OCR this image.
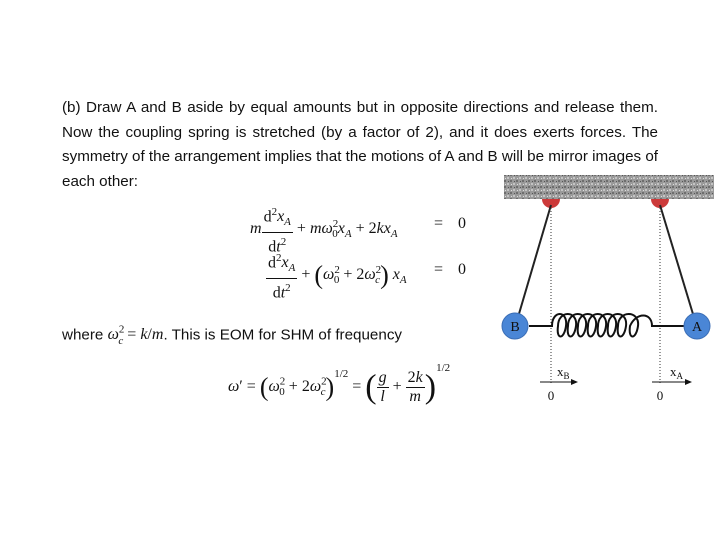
(b) Draw A and B aside by equal amounts but in opposite directions and release them. Now the coupling spring is stretched (by a factor of 2), and it does exerts forces. The symmetry of the arrangement implies that the motions of A and B will be mirror images of each other:
m $\frac{d^2x_A}{dt^2} + m\omega^2_0x_A + 2kx_A$
= 0
$\frac{d^2x_A}{dt^2} + (\omega^2_0 + 2\omega^2_c)$ $x_A$
= 0
where $\omega^2_c = k/m$. This is EOM for SHM of frequency
$\omega' = (\omega^2_0 + 2\omega^2_c)^{1/2}$ = ( $\frac{g}{l} + \frac{2k}{m} )^{1/2}$
B	A
$x_B$	$x_A$
0	0
